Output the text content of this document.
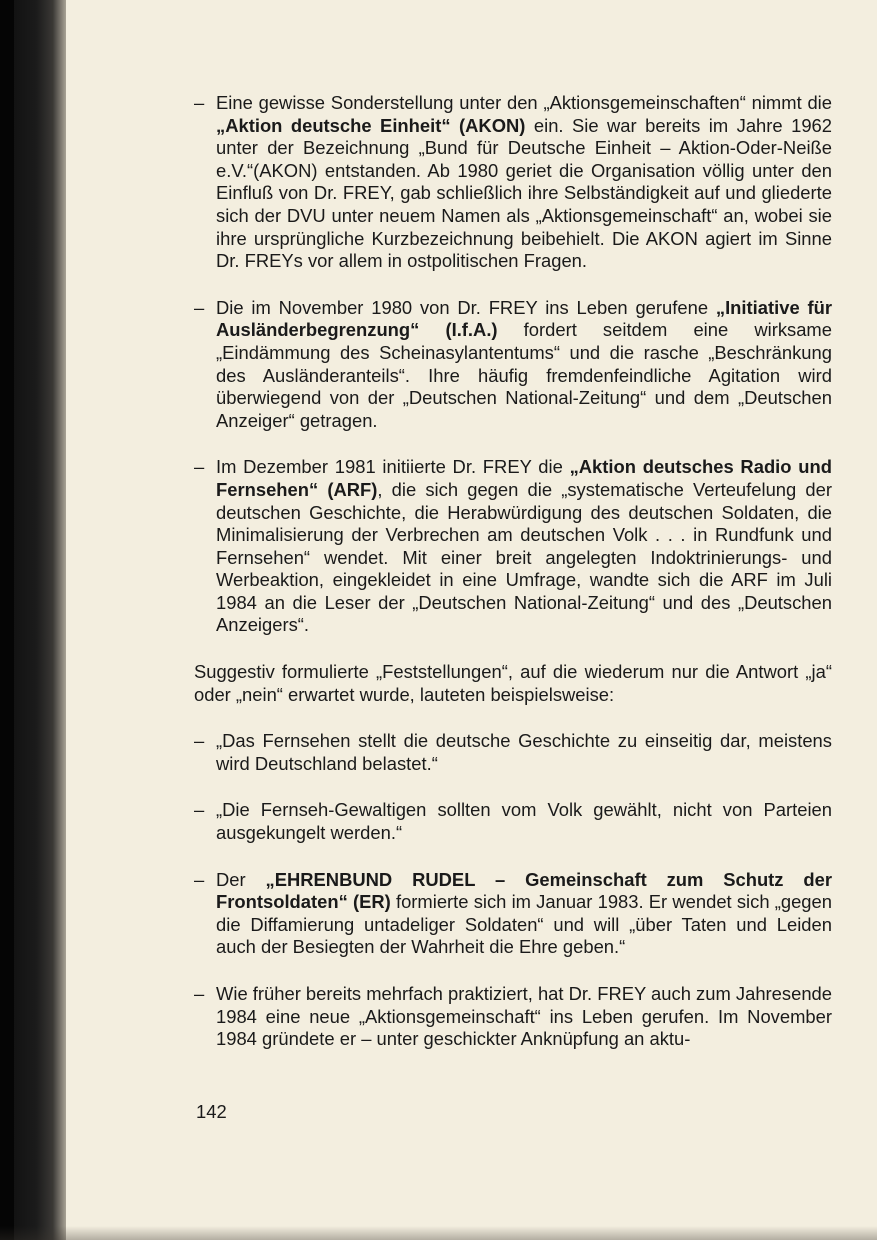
– Eine gewisse Sonderstellung unter den „Aktionsgemeinschaften“ nimmt die „Aktion deutsche Einheit“ (AKON) ein. Sie war bereits im Jahre 1962 unter der Bezeichnung „Bund für Deutsche Einheit – Aktion-Oder-Neiße e.V.“(AKON) entstanden. Ab 1980 geriet die Organisation völlig unter den Einfluß von Dr. FREY, gab schließlich ihre Selbständigkeit auf und gliederte sich der DVU unter neuem Namen als „Aktionsgemeinschaft“ an, wobei sie ihre ursprüngliche Kurzbezeichnung beibehielt. Die AKON agiert im Sinne Dr. FREYs vor allem in ostpolitischen Fragen.
– Die im November 1980 von Dr. FREY ins Leben gerufene „Initiative für Ausländerbegrenzung“ (I.f.A.) fordert seitdem eine wirksame „Eindämmung des Scheinasylantentums“ und die rasche „Beschränkung des Ausländeranteils“. Ihre häufig fremdenfeindliche Agitation wird überwiegend von der „Deutschen National-Zeitung“ und dem „Deutschen Anzeiger“ getragen.
– Im Dezember 1981 initiierte Dr. FREY die „Aktion deutsches Radio und Fernsehen“ (ARF), die sich gegen die „systematische Verteufelung der deutschen Geschichte, die Herabwürdigung des deutschen Soldaten, die Minimalisierung der Verbrechen am deutschen Volk . . . in Rundfunk und Fernsehen“ wendet. Mit einer breit angelegten Indoktrinierungs- und Werbeaktion, eingekleidet in eine Umfrage, wandte sich die ARF im Juli 1984 an die Leser der „Deutschen National-Zeitung“ und des „Deutschen Anzeigers“.
Suggestiv formulierte „Feststellungen“, auf die wiederum nur die Antwort „ja“ oder „nein“ erwartet wurde, lauteten beispielsweise:
– „Das Fernsehen stellt die deutsche Geschichte zu einseitig dar, meistens wird Deutschland belastet.“
– „Die Fernseh-Gewaltigen sollten vom Volk gewählt, nicht von Parteien ausgekungelt werden.“
– Der „EHRENBUND RUDEL – Gemeinschaft zum Schutz der Frontsoldaten“ (ER) formierte sich im Januar 1983. Er wendet sich „gegen die Diffamierung untadeliger Soldaten“ und will „über Taten und Leiden auch der Besiegten der Wahrheit die Ehre geben.“
– Wie früher bereits mehrfach praktiziert, hat Dr. FREY auch zum Jahresende 1984 eine neue „Aktionsgemeinschaft“ ins Leben gerufen. Im November 1984 gründete er – unter geschickter Anknüpfung an aktu-
142
